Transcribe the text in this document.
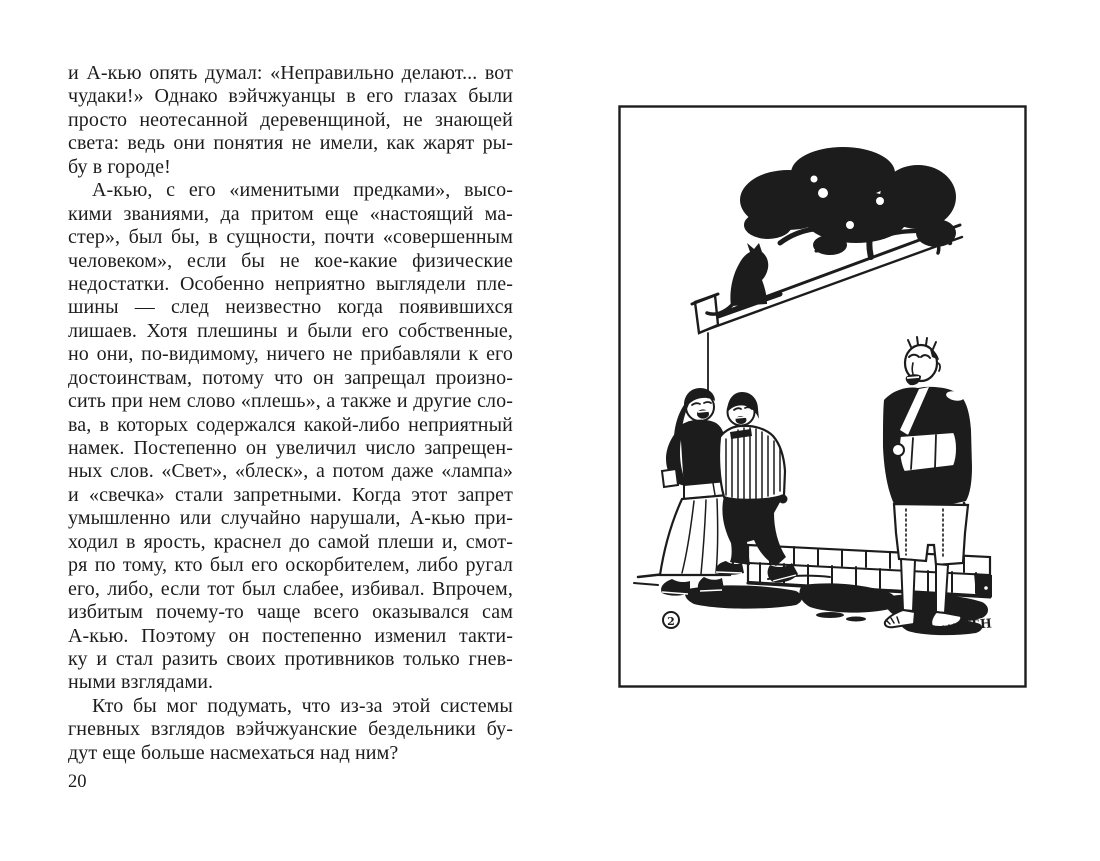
и А-кью опять думал: «Неправильно делают... вот
чудаки!» Однако вэйчжуанцы в его глазах были
просто неотесанной деревенщиной, не знающей
света: ведь они понятия не имели, как жарят ры-
бу в городе!
А-кью, с его «именитыми предками», высо-
кими званиями, да притом еще «настоящий ма-
стер», был бы, в сущности, почти «совершенным
человеком», если бы не кое-какие физические
недостатки. Особенно неприятно выглядели пле-
шины — след неизвестно когда появившихся
лишаев. Хотя плешины и были его собственные,
но они, по-видимому, ничего не прибавляли к его
достоинствам, потому что он запрещал произно-
сить при нем слово «плешь», а также и другие сло-
ва, в которых содержался какой-либо неприятный
намек. Постепенно он увеличил число запрещен-
ных слов. «Свет», «блеск», а потом даже «лампа»
и «свечка» стали запретными. Когда этот запрет
умышленно или случайно нарушали, А-кью при-
ходил в ярость, краснел до самой плеши и, смот-
ря по тому, кто был его оскорбителем, либо ругал
его, либо, если тот был слабее, избивал. Впрочем,
избитым почему-то чаще всего оказывался сам
А-кью. Поэтому он постепенно изменил такти-
ку и стал разить своих противников только гнев-
ными взглядами.
Кто бы мог подумать, что из-за этой системы
гневных взглядов вэйчжуанские бездельники бу-
дут еще больше насмехаться над ним?
20
2	ТН
